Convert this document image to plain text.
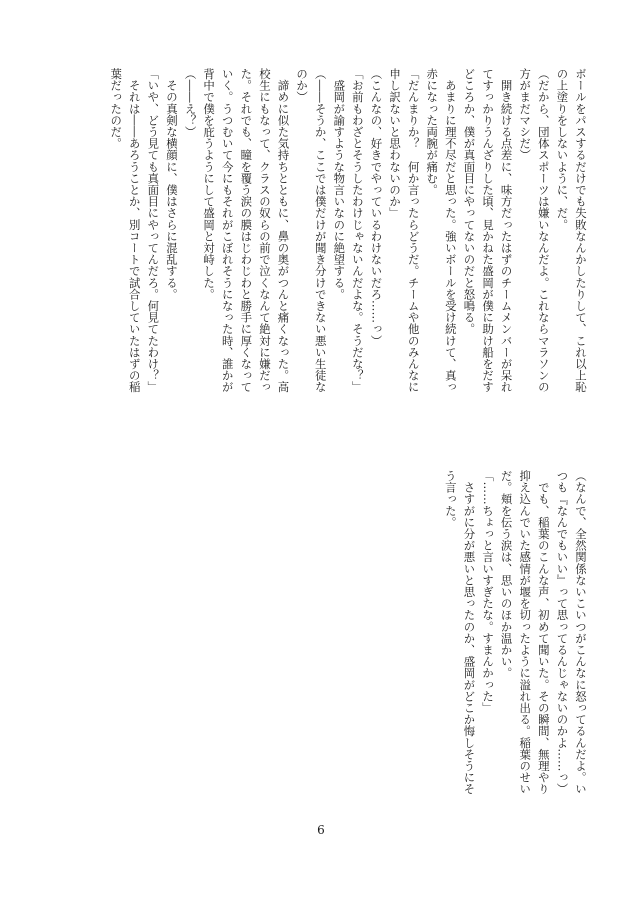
ボールをパスするだけでも失敗なんかしたりして、これ以上恥

の上塗りをしないように、だ。

（だから、団体スポーツは嫌いなんだよ。これならマラソンの

方がまだマシだ）

　開き続ける点差に、味方だったはずのチームメンバーが呆れ

てすっかりうんざりした頃、見かねた盛岡が僕に助け船をだす

どころか、僕が真面目にやってないのだと怒鳴る。

　あまりに理不尽だと思った。強いボールを受け続けて、真っ

赤になった両腕が痛む。

「だんまりか？　何か言ったらどうだ。チームや他のみんなに

申し訳ないと思わないのか」

（こんなの、好きでやっているわけないだろ……っ）

「お前もわざとそうしたわけじゃないんだよな。そうだな？」

　盛岡が諭すような物言いなのに絶望する。

（――そうか、ここでは僕だけが聞き分けできない悪い生徒な

のか）

　諦めに似た気持ちとともに、鼻の奥がつんと痛くなった。高

校生にもなって、クラスの奴らの前で泣くなんて絶対に嫌だっ

た。それでも、瞳を覆う涙の膜はじわじわと勝手に厚くなって

いく。うつむいて今にもそれがこぼれそうになった時、誰かが

背中で僕を庇うようにして盛岡と対峙した。

（――え？）

　その真剣な横顔に、僕はさらに混乱する。

「いや、どう見ても真面目にやってんだろ。何見てたわけ？」

　それは――あろうことか、別コートで試合していたはずの稲

葉だったのだ。

（なんで、全然関係ないこいつがこんなに怒ってるんだよ。い

つも『なんでもいい』って思ってるんじゃないのかよ……っ）

　でも、稲葉のこんな声、初めて聞いた。その瞬間、無理やり

抑え込んでいた感情が堰を切ったように溢れ出る。稲葉のせい

だ。頬を伝う涙は、思いのほか温かい。

「……ちょっと言いすぎたな。すまんかった」

　さすがに分が悪いと思ったのか、盛岡がどこか悔しそうにそ

う言った。

6
